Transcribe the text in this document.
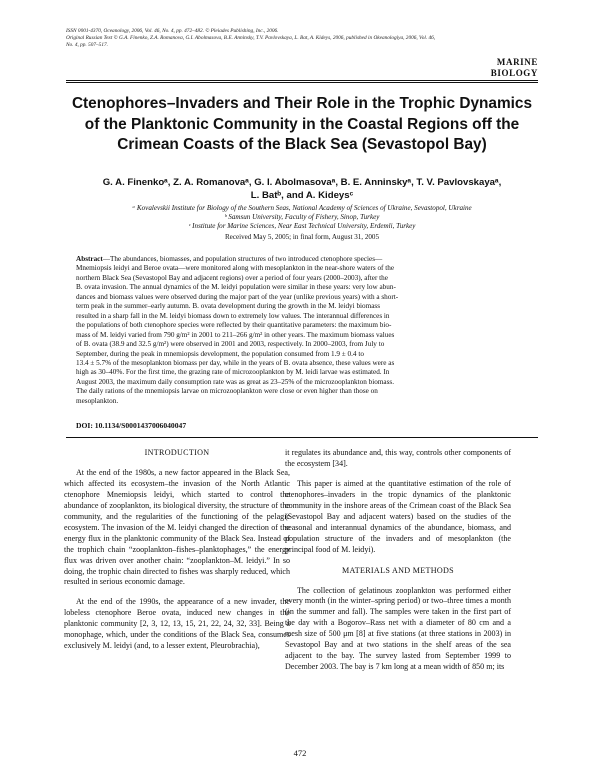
ISSN 0001-4370, Oceanology, 2006, Vol. 46, No. 4, pp. 472–482. © Pleiades Publishing, Inc., 2006.
Original Russian Text © G.A. Finenko, Z.A. Romanova, G.I. Abolmasova, B.E. Anninsky, T.V. Pavlovskaya, L. Bat, A. Kideys, 2006, published in Okeanologiya, 2006, Vol. 46,
No. 4, pp. 507–517.
MARINE
BIOLOGY
Ctenophores–Invaders and Their Role in the Trophic Dynamics
of the Planktonic Community in the Coastal Regions off the
Crimean Coasts of the Black Sea (Sevastopol Bay)
G. A. Finenkoᵃ, Z. A. Romanovaᵃ, G. I. Abolmasovaᵃ, B. E. Anninskyᵃ, T. V. Pavlovskayaᵃ,
L. Batᵇ, and A. Kideysᶜ
ᵃ Kovalevskii Institute for Biology of the Southern Seas, National Academy of Sciences of Ukraine, Sevastopol, Ukraine
ᵇ Samsun University, Faculty of Fishery, Sinop, Turkey
ᶜ Institute for Marine Sciences, Near East Technical University, Erdemli, Turkey
Received May 5, 2005; in final form, August 31, 2005
Abstract—The abundances, biomasses, and population structures of two introduced ctenophore species—
Mnemiopsis leidyi and Beroe ovata—were monitored along with mesoplankton in the near-shore waters of the
northern Black Sea (Sevastopol Bay and adjacent regions) over a period of four years (2000–2003), after the
B. ovata invasion. The annual dynamics of the M. leidyi population were similar in these years: very low abun-
dances and biomass values were observed during the major part of the year (unlike previous years) with a short-
term peak in the summer–early autumn. B. ovata development during the growth in the M. leidyi biomass
resulted in a sharp fall in the M. leidyi biomass down to extremely low values. The interannual differences in
the populations of both ctenophore species were reflected by their quantitative parameters: the maximum bio-
mass of M. leidyi varied from 790 g/m² in 2001 to 211–266 g/m² in other years. The maximum biomass values
of B. ovata (38.9 and 32.5 g/m²) were observed in 2001 and 2003, respectively. In 2000–2003, from July to
September, during the peak in mnemiopsis development, the population consumed from 1.9 ± 0.4 to
13.4 ± 5.7% of the mesoplankton biomass per day, while in the years of B. ovata absence, these values were as
high as 30–40%. For the first time, the grazing rate of microzooplankton by M. leidi larvae was estimated. In
August 2003, the maximum daily consumption rate was as great as 23–25% of the microzooplankton biomass.
The daily rations of the mnemiopsis larvae on microzooplankton were close or even higher than those on
mesoplankton.
DOI: 10.1134/S0001437006040047

INTRODUCTION

At the end of the 1980s, a new factor appeared in the Black Sea, which affected its ecosystem–the invasion of the North Atlantic ctenophore Mnemiopsis leidyi, which started to control the abundance of zooplankton, its biological diversity, the structure of the community, and the regularities of the functioning of the pelagic ecosystem. The invasion of the M. leidyi changed the direction of the energy flux in the planktonic community of the Black Sea. Instead of the trophich chain “zooplankton–fishes–planktophages,” the energy flux was driven over another chain: “zooplankton–M. leidyi.” In so doing, the trophic chain directed to fishes was sharply reduced, which resulted in serious economic damage.

At the end of the 1990s, the appearance of a new invader, the lobeless ctenophore Beroe ovata, induced new changes in the planktonic community [2, 3, 12, 13, 15, 21, 22, 24, 32, 33]. Being a monophage, which, under the conditions of the Black Sea, consumes exclusively M. leidyi (and, to a lesser extent, Pleurobrachia),

it regulates its abundance and, this way, controls other components of the ecosystem [34].

This paper is aimed at the quantitative estimation of the role of ctenophores–invaders in the tropic dynamics of the planktonic community in the inshore areas of the Crimean coast of the Black Sea (Sevastopol Bay and adjacent waters) based on the studies of the seasonal and interannual dynamics of the abundance, biomass, and population structure of the invaders and of mesoplankton (the principal food of M. leidyi).

MATERIALS AND METHODS

The collection of gelatinous zooplankton was performed either every month (in the winter–spring period) or two–three times a month (in the summer and fall). The samples were taken in the first part of the day with a Bogorov–Rass net with a diameter of 80 cm and a mesh size of 500 μm [8] at five stations (at three stations in 2003) in Sevastopol Bay and at two stations in the shelf areas of the sea adjacent to the bay. The survey lasted from September 1999 to December 2003. The bay is 7 km long at a mean width of 850 m; its

472
